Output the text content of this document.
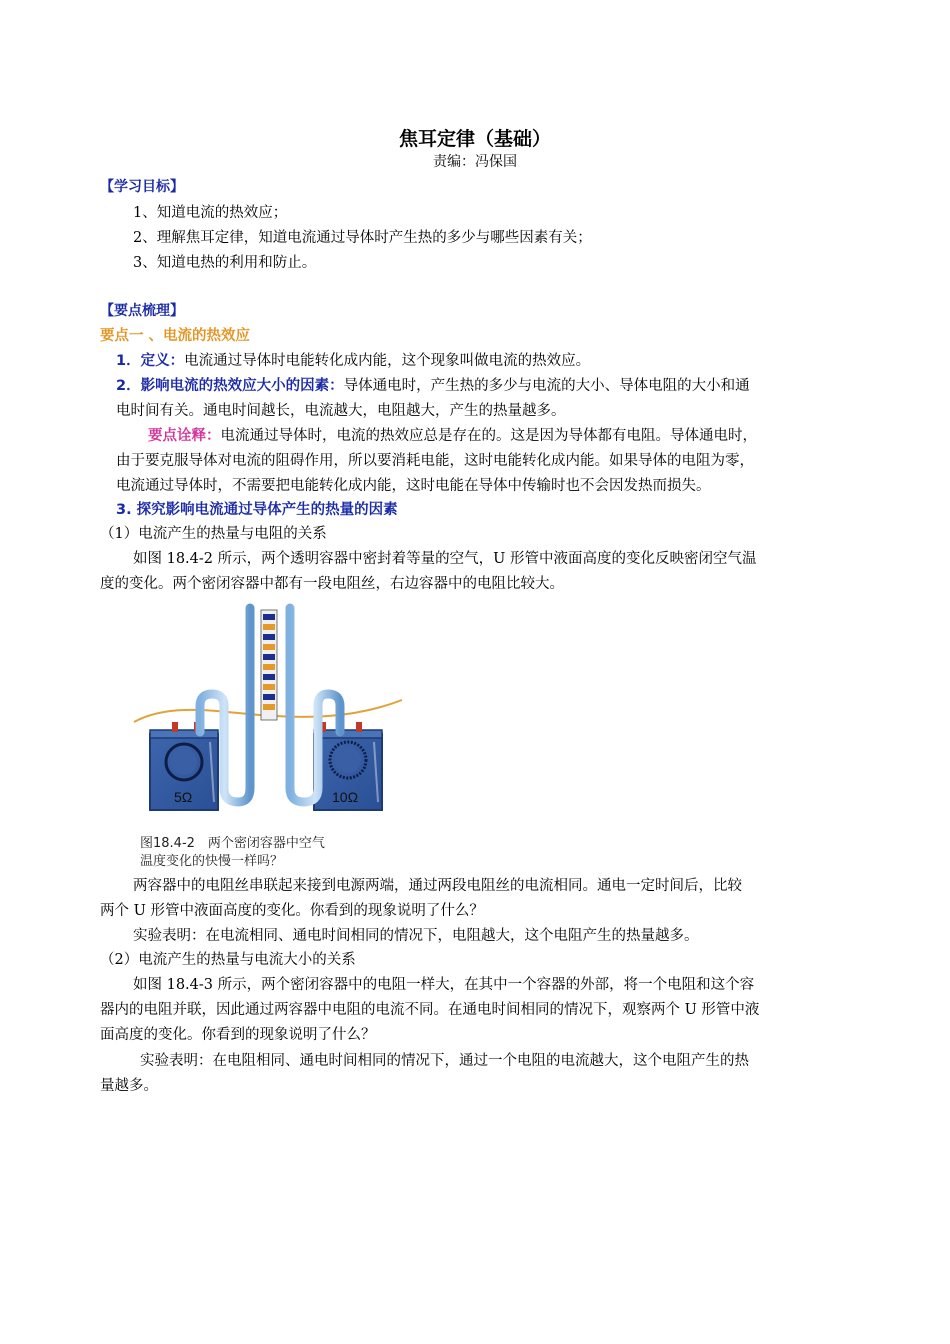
焦耳定律（基础）
责编：冯保国
【学习目标】
1、知道电流的热效应；
2、理解焦耳定律，知道电流通过导体时产生热的多少与哪些因素有关；
3、知道电热的利用和防止。
【要点梳理】
要点一 、电流的热效应
1．定义：电流通过导体时电能转化成内能，这个现象叫做电流的热效应。
2．影响电流的热效应大小的因素：导体通电时，产生热的多少与电流的大小、导体电阻的大小和通
电时间有关。通电时间越长，电流越大，电阻越大，产生的热量越多。
要点诠释：电流通过导体时，电流的热效应总是存在的。这是因为导体都有电阻。导体通电时，
由于要克服导体对电流的阻碍作用，所以要消耗电能，这时电能转化成内能。如果导体的电阻为零，
电流通过导体时，不需要把电能转化成内能，这时电能在导体中传输时也不会因发热而损失。
3. 探究影响电流通过导体产生的热量的因素
（1）电流产生的热量与电阻的关系
如图 18.4-2 所示，两个透明容器中密封着等量的空气，U 形管中液面高度的变化反映密闭空气温
度的变化。两个密闭容器中都有一段电阻丝，右边容器中的电阻比较大。
5Ω	10Ω
图18.4-2　两个密闭容器中空气
温度变化的快慢一样吗？
两容器中的电阻丝串联起来接到电源两端，通过两段电阻丝的电流相同。通电一定时间后，比较
两个 U 形管中液面高度的变化。你看到的现象说明了什么？
实验表明：在电流相同、通电时间相同的情况下，电阻越大，这个电阻产生的热量越多。
（2）电流产生的热量与电流大小的关系
如图 18.4-3 所示，两个密闭容器中的电阻一样大，在其中一个容器的外部，将一个电阻和这个容
器内的电阻并联，因此通过两容器中电阻的电流不同。在通电时间相同的情况下，观察两个 U 形管中液
面高度的变化。你看到的现象说明了什么？
实验表明：在电阻相同、通电时间相同的情况下，通过一个电阻的电流越大，这个电阻产生的热
量越多。
